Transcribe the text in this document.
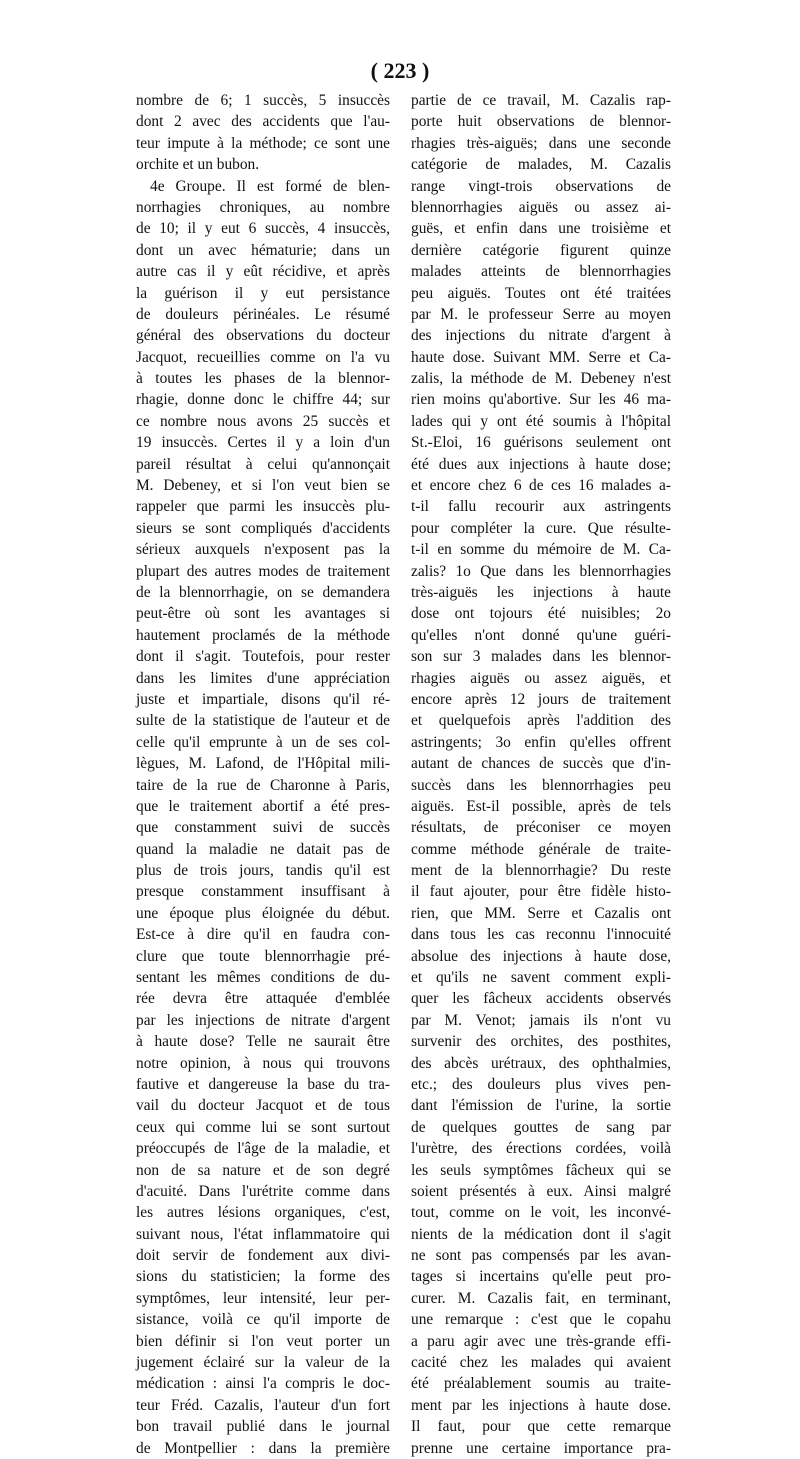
( 223 )
nombre de 6; 1 succès, 5 insuccès
dont 2 avec des accidents que l'au-
teur impute à la méthode; ce sont une
orchite et un bubon.
4e Groupe. Il est formé de blen-
norrhagies chroniques, au nombre
de 10; il y eut 6 succès, 4 insuccès,
dont un avec hématurie; dans un
autre cas il y eût récidive, et après
la guérison il y eut persistance
de douleurs périnéales. Le résumé
général des observations du docteur
Jacquot, recueillies comme on l'a vu
à toutes les phases de la blennor-
rhagie, donne donc le chiffre 44; sur
ce nombre nous avons 25 succès et
19 insuccès. Certes il y a loin d'un
pareil résultat à celui qu'annonçait
M. Debeney, et si l'on veut bien se
rappeler que parmi les insuccès plu-
sieurs se sont compliqués d'accidents
sérieux auxquels n'exposent pas la
plupart des autres modes de traitement
de la blennorrhagie, on se demandera
peut-être où sont les avantages si
hautement proclamés de la méthode
dont il s'agit. Toutefois, pour rester
dans les limites d'une appréciation
juste et impartiale, disons qu'il ré-
sulte de la statistique de l'auteur et de
celle qu'il emprunte à un de ses col-
lègues, M. Lafond, de l'Hôpital mili-
taire de la rue de Charonne à Paris,
que le traitement abortif a été pres-
que constamment suivi de succès
quand la maladie ne datait pas de
plus de trois jours, tandis qu'il est
presque constamment insuffisant à
une époque plus éloignée du début.
Est-ce à dire qu'il en faudra con-
clure que toute blennorrhagie pré-
sentant les mêmes conditions de du-
rée devra être attaquée d'emblée
par les injections de nitrate d'argent
à haute dose? Telle ne saurait être
notre opinion, à nous qui trouvons
fautive et dangereuse la base du tra-
vail du docteur Jacquot et de tous
ceux qui comme lui se sont surtout
préoccupés de l'âge de la maladie, et
non de sa nature et de son degré
d'acuité. Dans l'urétrite comme dans
les autres lésions organiques, c'est,
suivant nous, l'état inflammatoire qui
doit servir de fondement aux divi-
sions du statisticien; la forme des
symptômes, leur intensité, leur per-
sistance, voilà ce qu'il importe de
bien définir si l'on veut porter un
jugement éclairé sur la valeur de la
médication : ainsi l'a compris le doc-
teur Fréd. Cazalis, l'auteur d'un fort
bon travail publié dans le journal
de Montpellier : dans la première
partie de ce travail, M. Cazalis rap-
porte huit observations de blennor-
rhagies très-aiguës; dans une seconde
catégorie de malades, M. Cazalis
range vingt-trois observations de
blennorrhagies aiguës ou assez ai-
guës, et enfin dans une troisième et
dernière catégorie figurent quinze
malades atteints de blennorrhagies
peu aiguës. Toutes ont été traitées
par M. le professeur Serre au moyen
des injections du nitrate d'argent à
haute dose. Suivant MM. Serre et Ca-
zalis, la méthode de M. Debeney n'est
rien moins qu'abortive. Sur les 46 ma-
lades qui y ont été soumis à l'hôpital
St.-Eloi, 16 guérisons seulement ont
été dues aux injections à haute dose;
et encore chez 6 de ces 16 malades a-
t-il fallu recourir aux astringents
pour compléter la cure. Que résulte-
t-il en somme du mémoire de M. Ca-
zalis? 1o Que dans les blennorrhagies
très-aiguës les injections à haute
dose ont tojours été nuisibles; 2o
qu'elles n'ont donné qu'une guéri-
son sur 3 malades dans les blennor-
rhagies aiguës ou assez aiguës, et
encore après 12 jours de traitement
et quelquefois après l'addition des
astringents; 3o enfin qu'elles offrent
autant de chances de succès que d'in-
succès dans les blennorrhagies peu
aiguës. Est-il possible, après de tels
résultats, de préconiser ce moyen
comme méthode générale de traite-
ment de la blennorrhagie? Du reste
il faut ajouter, pour être fidèle histo-
rien, que MM. Serre et Cazalis ont
dans tous les cas reconnu l'innocuité
absolue des injections à haute dose,
et qu'ils ne savent comment expli-
quer les fâcheux accidents observés
par M. Venot; jamais ils n'ont vu
survenir des orchites, des posthites,
des abcès urétraux, des ophthalmies,
etc.; des douleurs plus vives pen-
dant l'émission de l'urine, la sortie
de quelques gouttes de sang par
l'urètre, des érections cordées, voilà
les seuls symptômes fâcheux qui se
soient présentés à eux. Ainsi malgré
tout, comme on le voit, les inconvé-
nients de la médication dont il s'agit
ne sont pas compensés par les avan-
tages si incertains qu'elle peut pro-
curer. M. Cazalis fait, en terminant,
une remarque : c'est que le copahu
a paru agir avec une très-grande effi-
cacité chez les malades qui avaient
été préalablement soumis au traite-
ment par les injections à haute dose.
Il faut, pour que cette remarque
prenne une certaine importance pra-
